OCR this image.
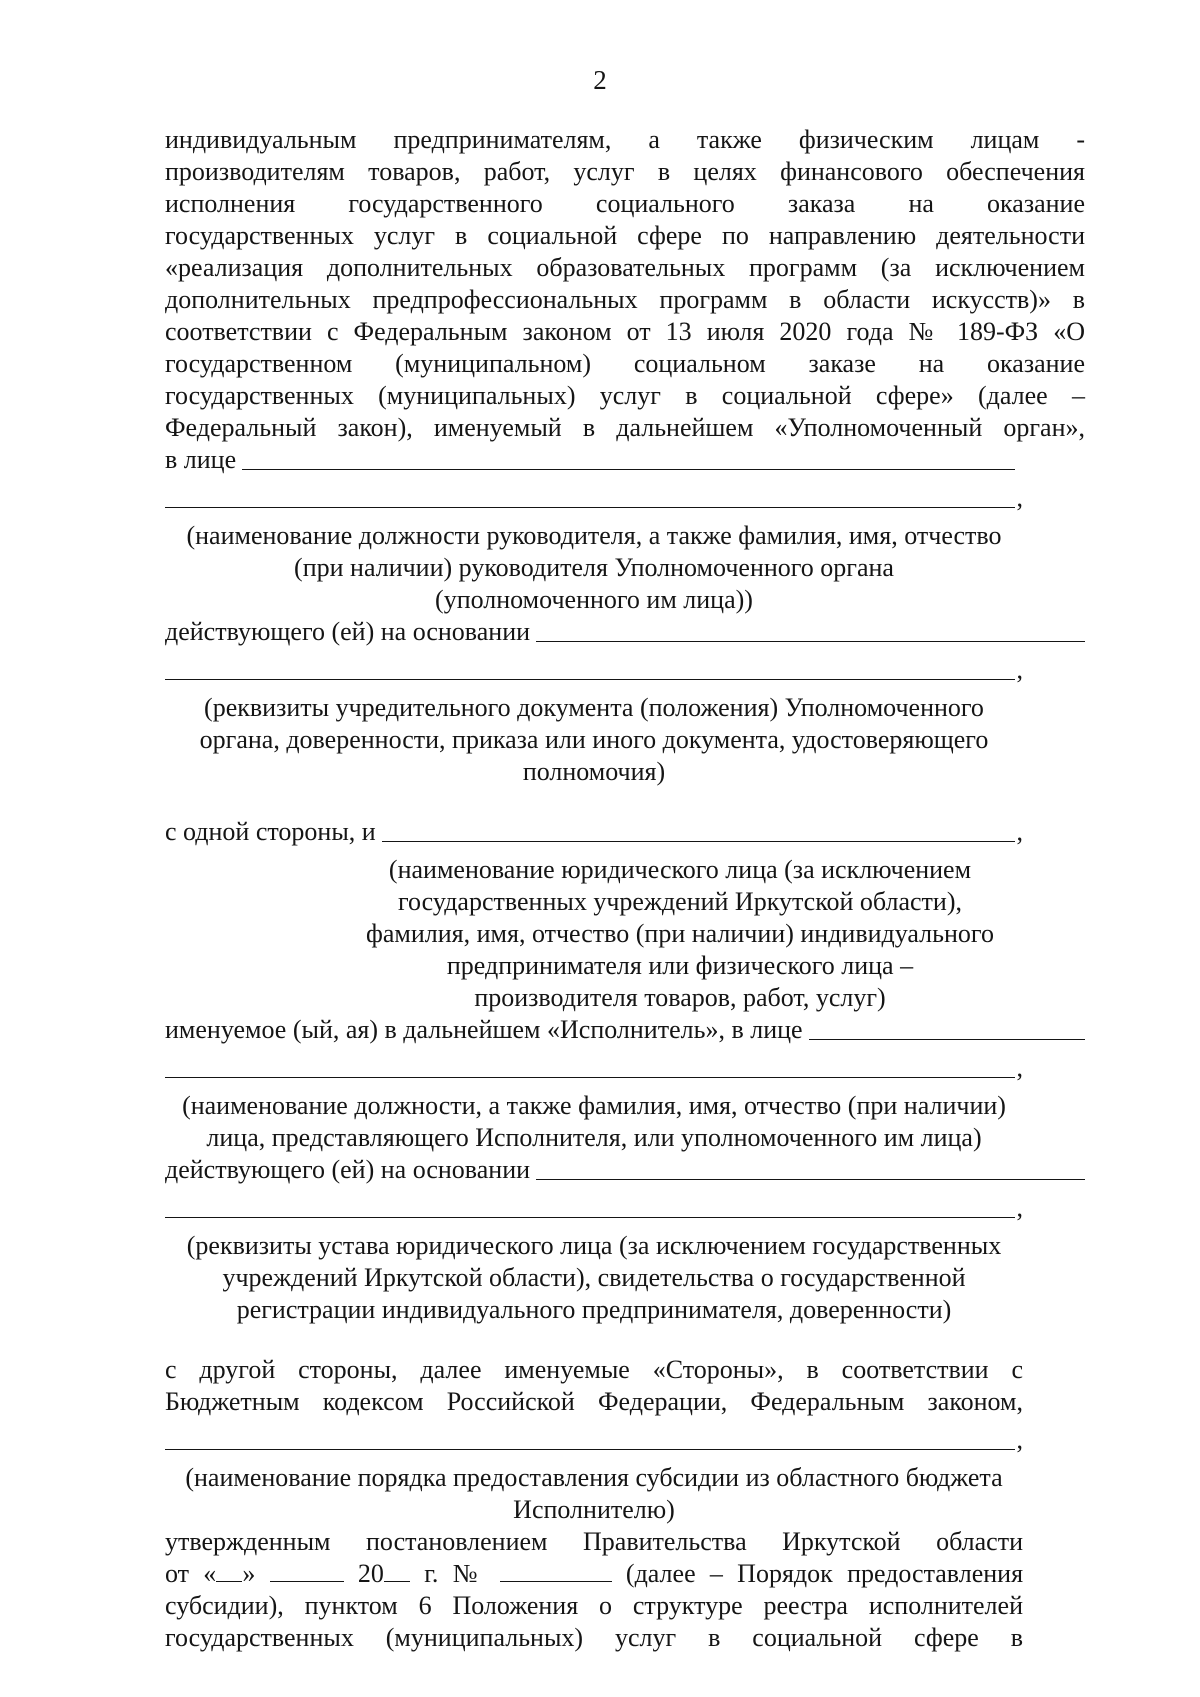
2
индивидуальным предпринимателям, а также физическим лицам -
производителям товаров, работ, услуг в целях финансового обеспечения
исполнения государственного социального заказа на оказание
государственных услуг в социальной сфере по направлению деятельности
«реализация дополнительных образовательных программ (за исключением
дополнительных предпрофессиональных программ в области искусств)» в
соответствии с Федеральным законом от 13 июля 2020 года № 189-ФЗ «О
государственном (муниципальном) социальном заказе на оказание
государственных (муниципальных) услуг в социальной сфере» (далее –
Федеральный закон), именуемый в дальнейшем «Уполномоченный орган»,
в лице
,
(наименование должности руководителя, а также фамилия, имя, отчество
(при наличии) руководителя Уполномоченного органа
(уполномоченного им лица))
действующего (ей) на основании
,
(реквизиты учредительного документа (положения) Уполномоченного
органа, доверенности, приказа или иного документа, удостоверяющего
полномочия)
с одной стороны, и	,
(наименование юридического лица (за исключением
государственных учреждений Иркутской области),
фамилия, имя, отчество (при наличии) индивидуального
предпринимателя или физического лица –
производителя товаров, работ, услуг)
именуемое (ый, ая) в дальнейшем «Исполнитель», в лице
,
(наименование должности, а также фамилия, имя, отчество (при наличии)
лица, представляющего Исполнителя, или уполномоченного им лица)
действующего (ей) на основании
,
(реквизиты устава юридического лица (за исключением государственных
учреждений Иркутской области), свидетельства о государственной
регистрации индивидуального предпринимателя, доверенности)
с другой стороны, далее именуемые «Стороны», в соответствии с
Бюджетным кодексом Российской Федерации, Федеральным законом,
,
(наименование порядка предоставления субсидии из областного бюджета
Исполнителю)
утвержденным постановлением Правительства Иркутской области
от « »	20 г. №	(далее – Порядок предоставления
субсидии), пунктом 6 Положения о структуре реестра исполнителей
государственных (муниципальных) услуг в социальной сфере в
